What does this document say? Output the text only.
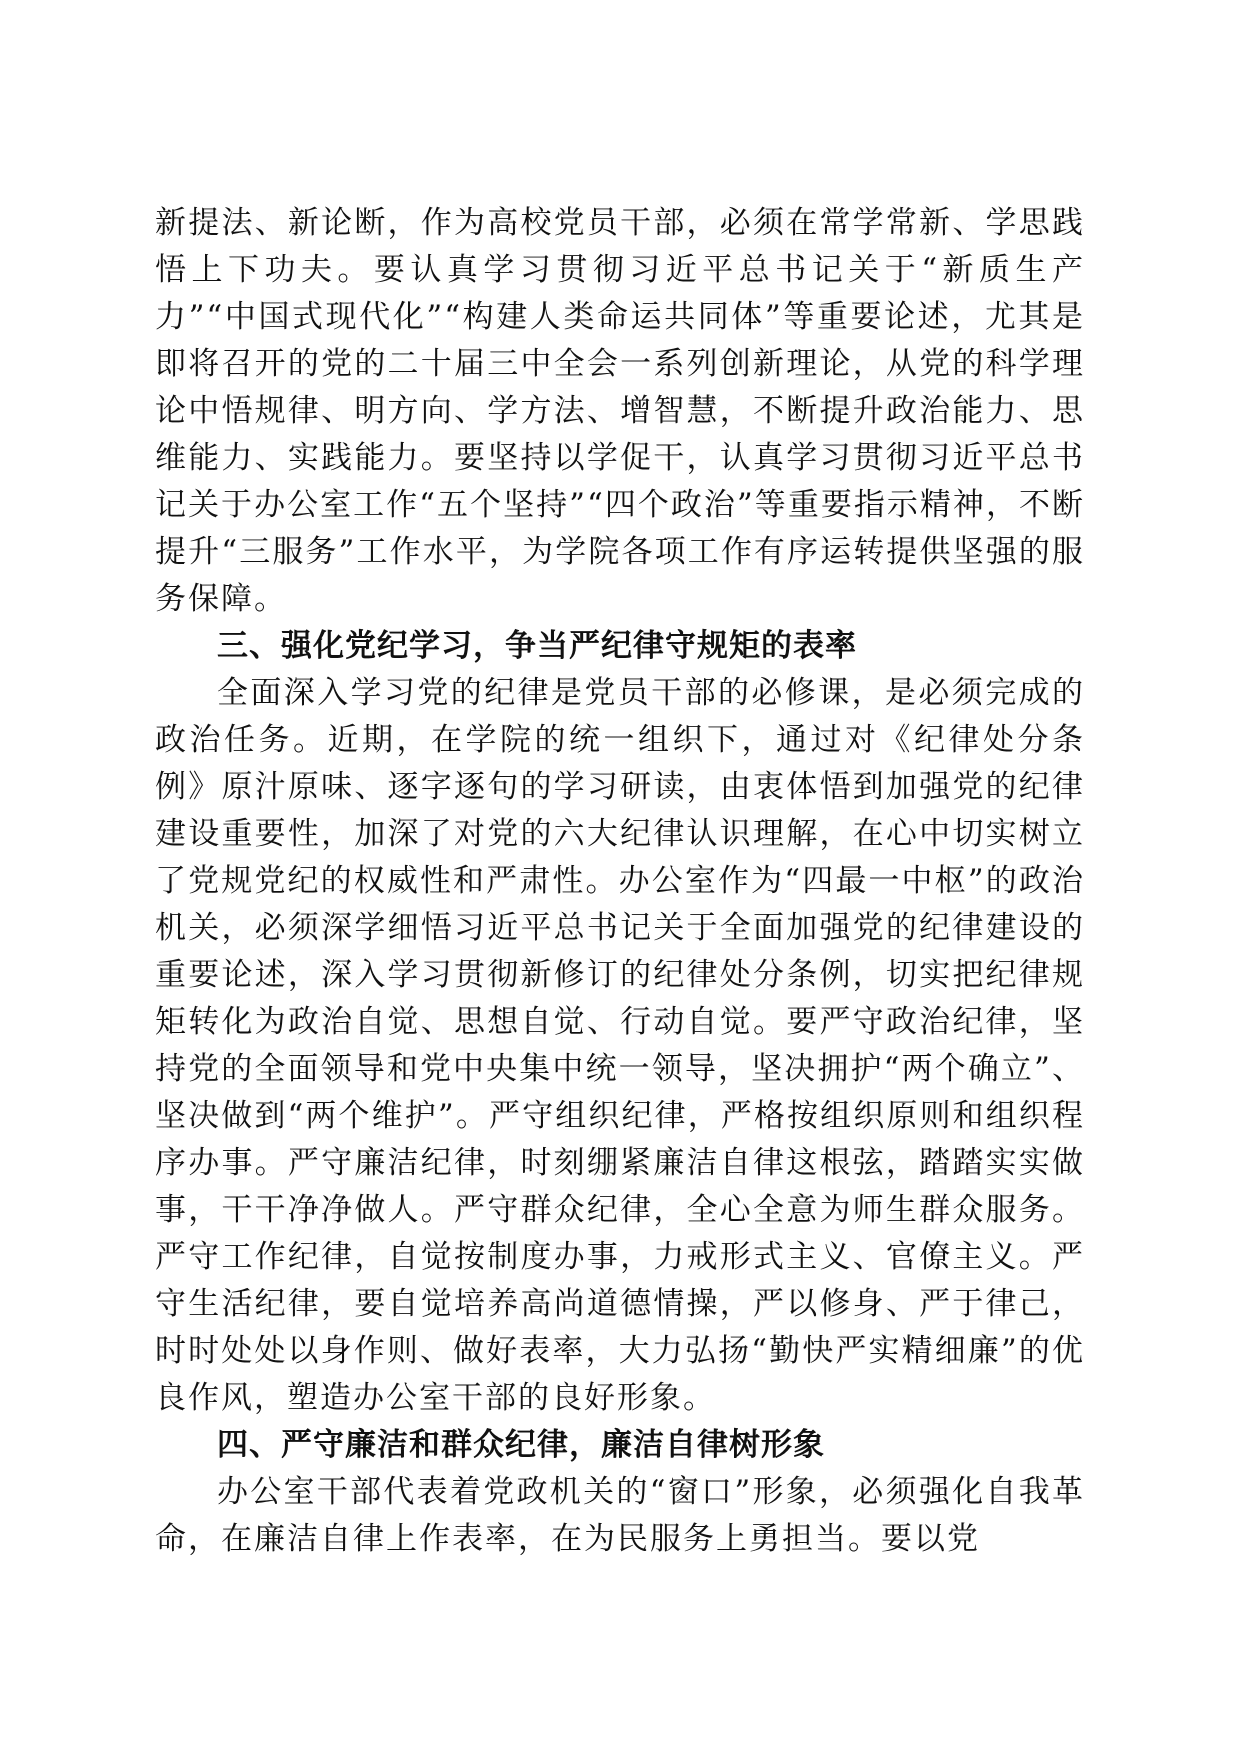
新提法、新论断，作为高校党员干部，必须在常学常新、学思践悟上下功夫。要认真学习贯彻习近平总书记关于“新质生产力”“中国式现代化”“构建人类命运共同体”等重要论述，尤其是即将召开的党的二十届三中全会一系列创新理论，从党的科学理论中悟规律、明方向、学方法、增智慧，不断提升政治能力、思维能力、实践能力。要坚持以学促干，认真学习贯彻习近平总书记关于办公室工作“五个坚持”“四个政治”等重要指示精神，不断提升“三服务”工作水平，为学院各项工作有序运转提供坚强的服务保障。

三、强化党纪学习，争当严纪律守规矩的表率

全面深入学习党的纪律是党员干部的必修课，是必须完成的政治任务。近期，在学院的统一组织下，通过对《纪律处分条例》原汁原味、逐字逐句的学习研读，由衷体悟到加强党的纪律建设重要性，加深了对党的六大纪律认识理解，在心中切实树立了党规党纪的权威性和严肃性。办公室作为“四最一中枢”的政治机关，必须深学细悟习近平总书记关于全面加强党的纪律建设的重要论述，深入学习贯彻新修订的纪律处分条例，切实把纪律规矩转化为政治自觉、思想自觉、行动自觉。要严守政治纪律，坚持党的全面领导和党中央集中统一领导，坚决拥护“两个确立”、坚决做到“两个维护”。严守组织纪律，严格按组织原则和组织程序办事。严守廉洁纪律，时刻绷紧廉洁自律这根弦，踏踏实实做事，干干净净做人。严守群众纪律，全心全意为师生群众服务。严守工作纪律，自觉按制度办事，力戒形式主义、官僚主义。严守生活纪律，要自觉培养高尚道德情操，严以修身、严于律己，时时处处以身作则、做好表率，大力弘扬“勤快严实精细廉”的优良作风，塑造办公室干部的良好形象。

四、严守廉洁和群众纪律，廉洁自律树形象

办公室干部代表着党政机关的“窗口”形象，必须强化自我革命，在廉洁自律上作表率，在为民服务上勇担当。要以党
